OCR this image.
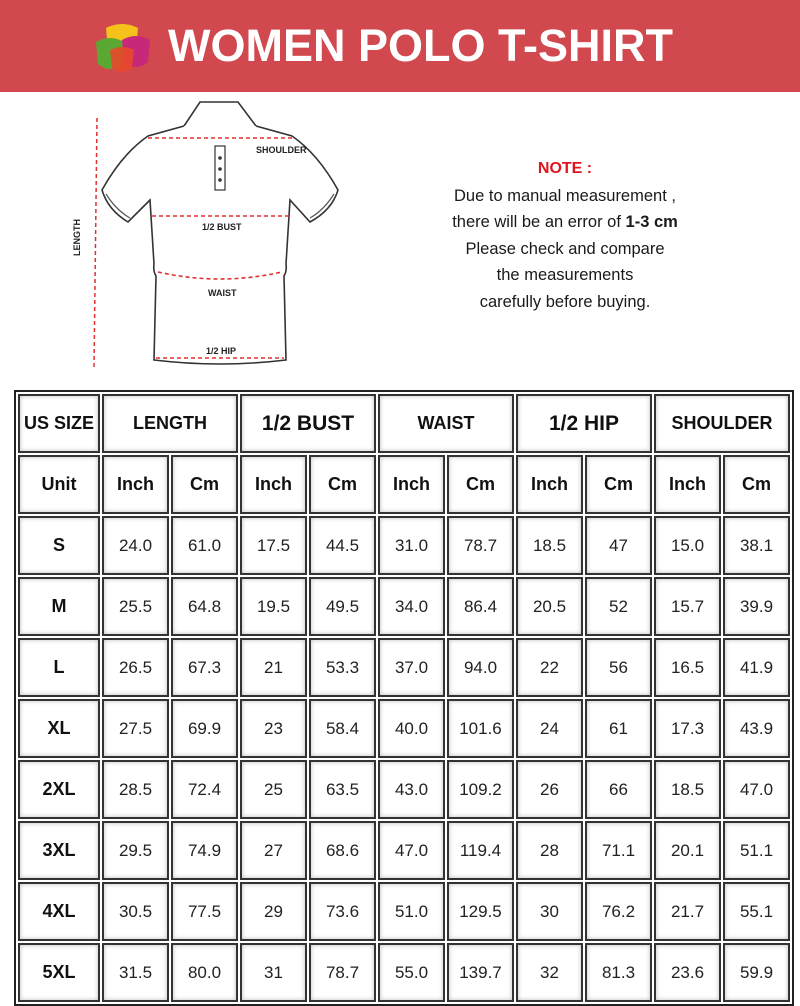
WOMEN POLO T-SHIRT
LENGTH
SHOULDER
1/2 BUST
WAIST
1/2 HIP
NOTE :
Due to manual measurement ,
there will be an error of 1-3 cm
Please check and compare
the measurements
carefully before buying.
US SIZE	LENGTH		1/2 BUST		WAIST		1/2 HIP		SHOULDER	
Unit	Inch	Cm	Inch	Cm	Inch	Cm	Inch	Cm	Inch	Cm
S	24.0	61.0	17.5	44.5	31.0	78.7	18.5	47	15.0	38.1
M	25.5	64.8	19.5	49.5	34.0	86.4	20.5	52	15.7	39.9
L	26.5	67.3	21	53.3	37.0	94.0	22	56	16.5	41.9
XL	27.5	69.9	23	58.4	40.0	101.6	24	61	17.3	43.9
2XL	28.5	72.4	25	63.5	43.0	109.2	26	66	18.5	47.0
3XL	29.5	74.9	27	68.6	47.0	119.4	28	71.1	20.1	51.1
4XL	30.5	77.5	29	73.6	51.0	129.5	30	76.2	21.7	55.1
5XL	31.5	80.0	31	78.7	55.0	139.7	32	81.3	23.6	59.9
